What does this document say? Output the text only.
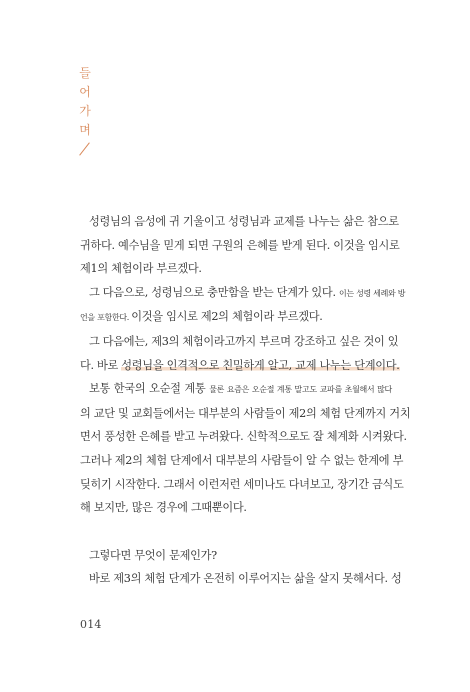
들
어
가
며
성령님의 음성에 귀 기울이고 성령님과 교제를 나누는 삶은 참으로
귀하다. 예수님을 믿게 되면 구원의 은혜를 받게 된다. 이것을 임시로
제1의 체험이라 부르겠다.
그 다음으로, 성령님으로 충만함을 받는 단계가 있다. 이는 성령 세례와 방
언을 포함한다. 이것을 임시로 제2의 체험이라 부르겠다.
그 다음에는, 제3의 체험이라고까지 부르며 강조하고 싶은 것이 있
다. 바로 성령님을 인격적으로 친밀하게 알고, 교제 나누는 단계이다.
보통 한국의 오순절 계통 물론 요즘은 오순절 계통 말고도 교파를 초월해서 많다
의 교단 및 교회들에서는 대부분의 사람들이 제2의 체험 단계까지 거치
면서 풍성한 은혜를 받고 누려왔다. 신학적으로도 잘 체계화 시켜왔다.
그러나 제2의 체험 단계에서 대부분의 사람들이 알 수 없는 한계에 부
딪히기 시작한다. 그래서 이런저런 세미나도 다녀보고, 장기간 금식도
해 보지만, 많은 경우에 그때뿐이다.
그렇다면 무엇이 문제인가?
바로 제3의 체험 단계가 온전히 이루어지는 삶을 살지 못해서다. 성
014
